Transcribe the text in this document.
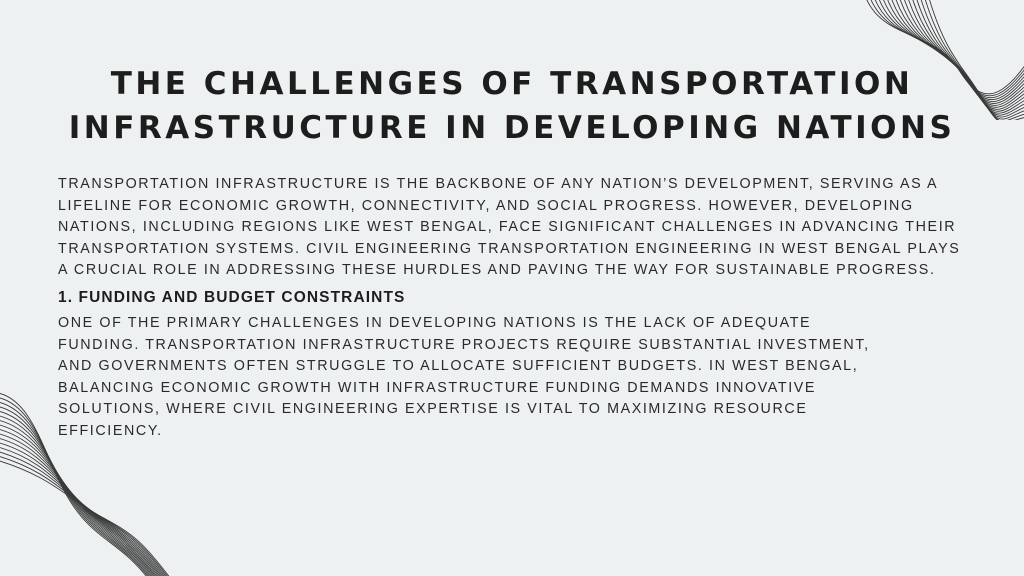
THE CHALLENGES OF TRANSPORTATION
INFRASTRUCTURE IN DEVELOPING NATIONS
TRANSPORTATION INFRASTRUCTURE IS THE BACKBONE OF ANY NATION’S DEVELOPMENT, SERVING AS A
LIFELINE FOR ECONOMIC GROWTH, CONNECTIVITY, AND SOCIAL PROGRESS. HOWEVER, DEVELOPING
NATIONS, INCLUDING REGIONS LIKE WEST BENGAL, FACE SIGNIFICANT CHALLENGES IN ADVANCING THEIR
TRANSPORTATION SYSTEMS. CIVIL ENGINEERING TRANSPORTATION ENGINEERING IN WEST BENGAL PLAYS
A CRUCIAL ROLE IN ADDRESSING THESE HURDLES AND PAVING THE WAY FOR SUSTAINABLE PROGRESS.
1. FUNDING AND BUDGET CONSTRAINTS
ONE OF THE PRIMARY CHALLENGES IN DEVELOPING NATIONS IS THE LACK OF ADEQUATE
FUNDING. TRANSPORTATION INFRASTRUCTURE PROJECTS REQUIRE SUBSTANTIAL INVESTMENT,
AND GOVERNMENTS OFTEN STRUGGLE TO ALLOCATE SUFFICIENT BUDGETS. IN WEST BENGAL,
BALANCING ECONOMIC GROWTH WITH INFRASTRUCTURE FUNDING DEMANDS INNOVATIVE
SOLUTIONS, WHERE CIVIL ENGINEERING EXPERTISE IS VITAL TO MAXIMIZING RESOURCE
EFFICIENCY.
